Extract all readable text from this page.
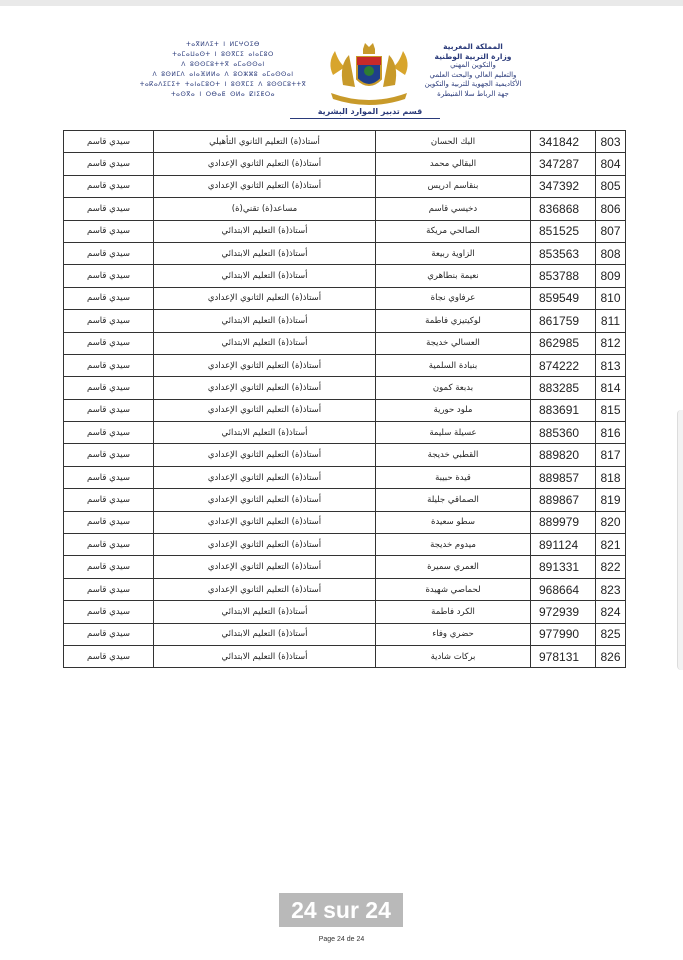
ⵜⴰⴳⵍⴷⵉⵜ ⵏ ⵍⵎⵖⵔⵉⴱ
ⵜⴰⵎⴰⵡⴰⵙⵜ ⵏ ⵓⵙⴳⵎⵉ ⴰⵏⴰⵎⵓⵔ
ⴷ ⵓⵙⵙⵎⵓⵜⵜⴳ ⴰⵎⴰⵙⵙⴰⵏ
ⴷ ⵓⵙⵍⵎⴷ ⴰⵏⴰⴼⵍⵍⴰ ⴷ ⵓⵔⵣⵣⵓ ⴰⵎⴰⵙⵙⴰⵏ
ⵜⴰⴽⴰⴷⵉⵎⵉⵜ ⵜⴰⵏⴰⵎⵓⵔⵜ ⵏ ⵓⵙⴳⵎⵉ ⴷ ⵓⵙⵙⵎⵓⵜⵜⴳ
ⵜⴰⵙⴳⴰ ⵏ ⵔⴱⴰⵟ ⵙⵍⴰ ⵇⵏⵉⵟⵔⴰ
المملكة المغربية
وزارة التربية الوطنية
والتكوين المهني
والتعليم العالي والبحث العلمي
الأكاديمية الجهوية للتربية والتكوين
جهة الرباط سلا القنيطرة
قسم تدبير الموارد البشرية
803	341842	البك الحسان	أستاذ(ة) التعليم الثانوي التأهيلي	سيدي قاسم
804	347287	البقالي محمد	أستاذ(ة) التعليم الثانوي الإعدادي	سيدي قاسم
805	347392	بنقاسم ادريس	أستاذ(ة) التعليم الثانوي الإعدادي	سيدي قاسم
806	836868	دخيسي قاسم	مساعد(ة) تقني(ة)	سيدي قاسم
807	851525	الصالحي مريكة	أستاذ(ة) التعليم الابتدائي	سيدي قاسم
808	853563	الزاوية ربيعة	أستاذ(ة) التعليم الابتدائي	سيدي قاسم
809	853788	نعيمة بنطاهري	أستاذ(ة) التعليم الابتدائي	سيدي قاسم
810	859549	عرفاوي نجاة	أستاذ(ة) التعليم الثانوي الإعدادي	سيدي قاسم
811	861759	لوكيتيزي فاطمة	أستاذ(ة) التعليم الابتدائي	سيدي قاسم
812	862985	العسالي خديجة	أستاذ(ة) التعليم الابتدائي	سيدي قاسم
813	874222	بنبادة السلمية	أستاذ(ة) التعليم الثانوي الإعدادي	سيدي قاسم
814	883285	بدبعة كمون	أستاذ(ة) التعليم الثانوي الإعدادي	سيدي قاسم
815	883691	ملود حورية	أستاذ(ة) التعليم الثانوي الإعدادي	سيدي قاسم
816	885360	عسيلة سليمة	أستاذ(ة) التعليم الابتدائي	سيدي قاسم
817	889820	القطبي خديجة	أستاذ(ة) التعليم الثانوي الإعدادي	سيدي قاسم
818	889857	قيدة حبيبة	أستاذ(ة) التعليم الثانوي الإعدادي	سيدي قاسم
819	889867	الصماقي جليلة	أستاذ(ة) التعليم الثانوي الإعدادي	سيدي قاسم
820	889979	سطو سعيدة	أستاذ(ة) التعليم الثانوي الإعدادي	سيدي قاسم
821	891124	ميدوم خديجة	أستاذ(ة) التعليم الثانوي الإعدادي	سيدي قاسم
822	891331	العمري سميرة	أستاذ(ة) التعليم الثانوي الإعدادي	سيدي قاسم
823	968664	لحماصي شهيدة	أستاذ(ة) التعليم الثانوي الإعدادي	سيدي قاسم
824	972939	الكرد فاطمة	أستاذ(ة) التعليم الابتدائي	سيدي قاسم
825	977990	حضري وفاء	أستاذ(ة) التعليم الابتدائي	سيدي قاسم
826	978131	بركات شادية	أستاذ(ة) التعليم الابتدائي	سيدي قاسم
24 sur 24
Page 24 de 24
